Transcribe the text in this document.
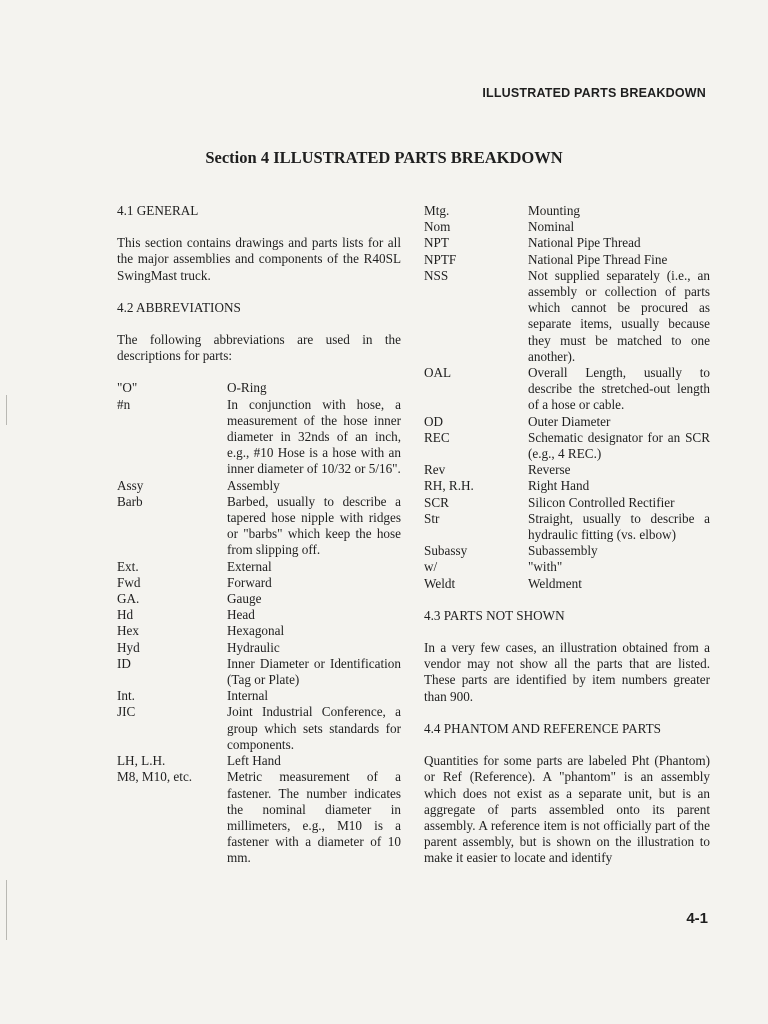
ILLUSTRATED PARTS BREAKDOWN
Section 4 ILLUSTRATED PARTS BREAKDOWN
4.1 GENERAL
This section contains drawings and parts lists for all the major assemblies and components of the R40SL SwingMast truck.
4.2 ABBREVIATIONS
The following abbreviations are used in the descriptions for parts:
"O"	O-Ring
#n	In conjunction with hose, a measurement of the hose inner diameter in 32nds of an inch, e.g., #10 Hose is a hose with an inner diameter of 10/32 or 5/16".
Assy	Assembly
Barb	Barbed, usually to describe a tapered hose nipple with ridges or "barbs" which keep the hose from slipping off.
Ext.	External
Fwd	Forward
GA.	Gauge
Hd	Head
Hex	Hexagonal
Hyd	Hydraulic
ID	Inner Diameter or Identification (Tag or Plate)
Int.	Internal
JIC	Joint Industrial Conference, a group which sets standards for components.
LH, L.H.	Left Hand
M8, M10, etc.	Metric measurement of a fastener. The number indicates the nominal diameter in millimeters, e.g., M10 is a fastener with a diameter of 10 mm.
Mtg.	Mounting
Nom	Nominal
NPT	National Pipe Thread
NPTF	National Pipe Thread Fine
NSS	Not supplied separately (i.e., an assembly or collection of parts which cannot be procured as separate items, usually because they must be matched to one another).
OAL	Overall Length, usually to describe the stretched-out length of a hose or cable.
OD	Outer Diameter
REC	Schematic designator for an SCR (e.g., 4 REC.)
Rev	Reverse
RH, R.H.	Right Hand
SCR	Silicon Controlled Rectifier
Str	Straight, usually to describe a hydraulic fitting (vs. elbow)
Subassy	Subassembly
w/	"with"
Weldt	Weldment
4.3 PARTS NOT SHOWN
In a very few cases, an illustration obtained from a vendor may not show all the parts that are listed. These parts are identified by item numbers greater than 900.
4.4 PHANTOM AND REFERENCE PARTS
Quantities for some parts are labeled Pht (Phantom) or Ref (Reference). A "phantom" is an assembly which does not exist as a separate unit, but is an aggregate of parts assembled onto its parent assembly. A reference item is not officially part of the parent assembly, but is shown on the illustration to make it easier to locate and identify
4-1
